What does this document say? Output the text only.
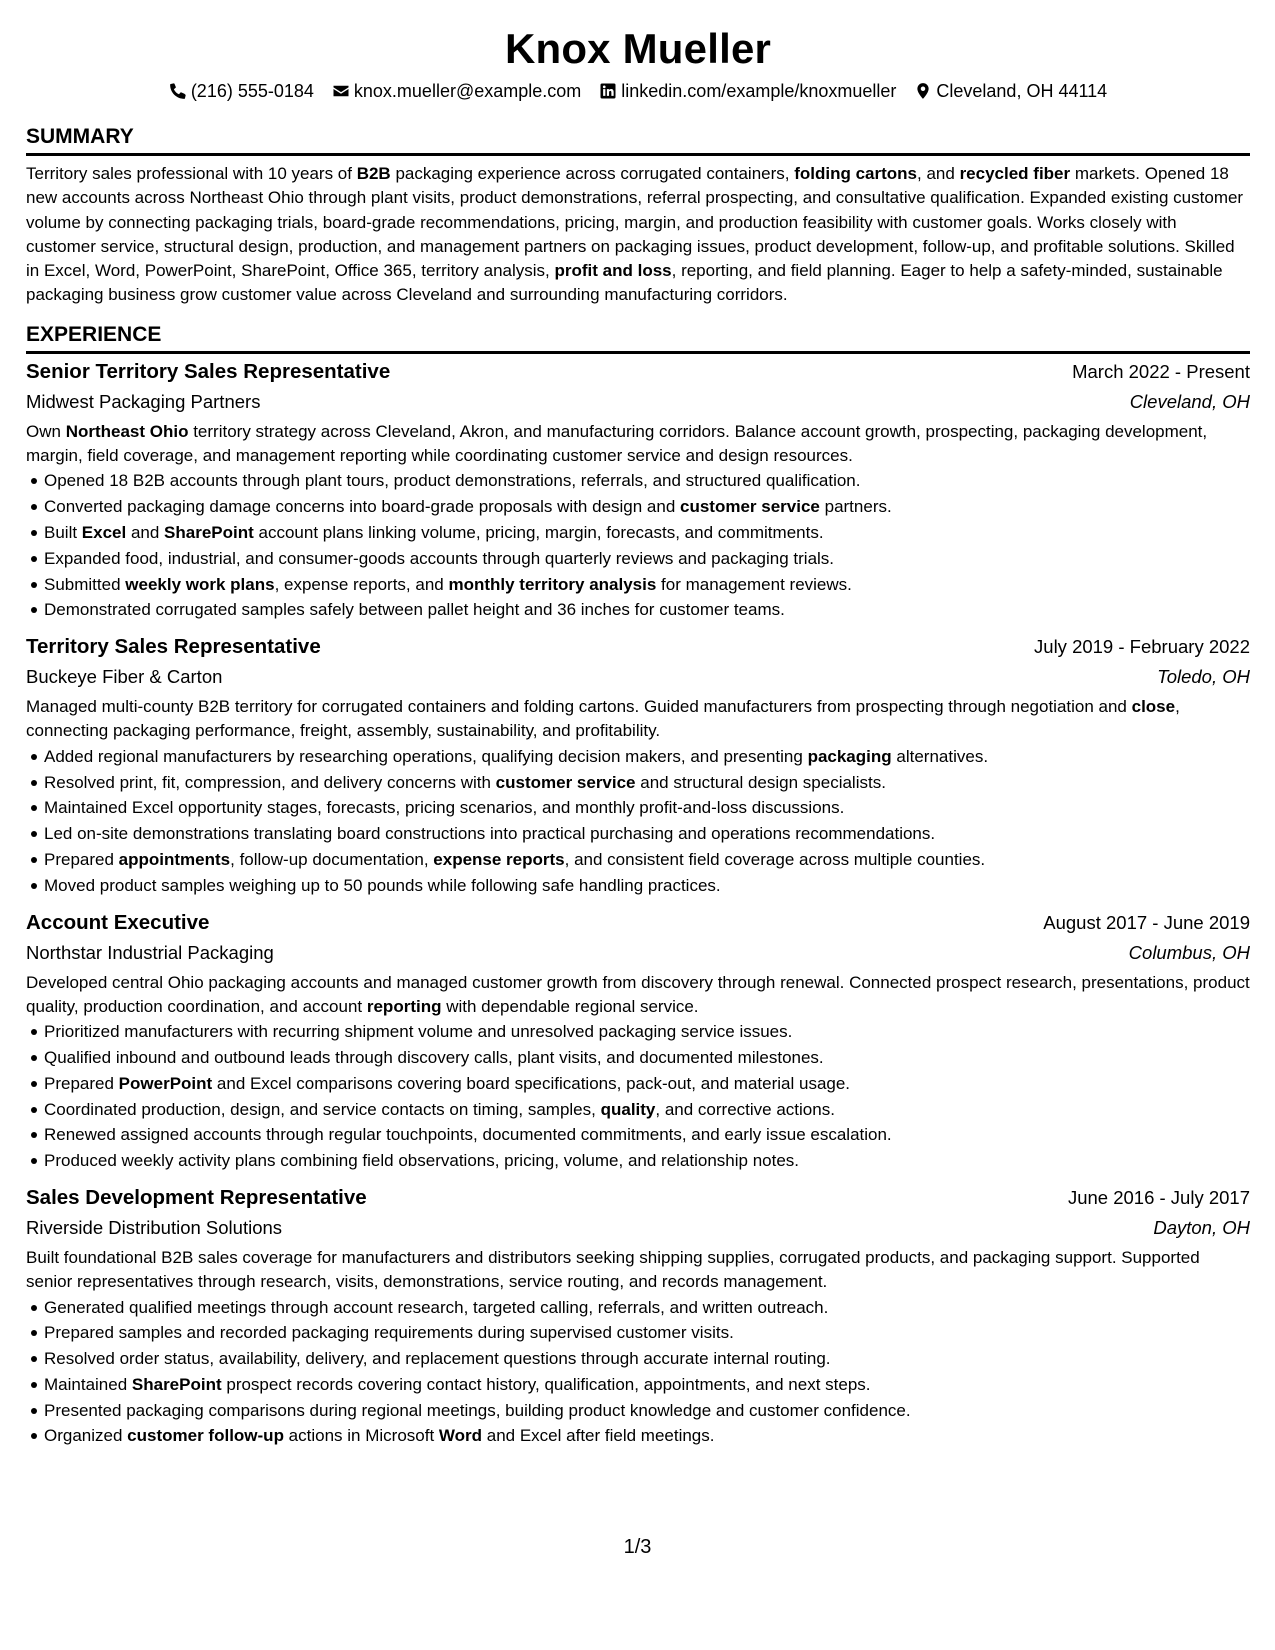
Knox Mueller
(216) 555-0184 knox.mueller@example.com linkedin.com/example/knoxmueller Cleveland, OH 44114
SUMMARY
Territory sales professional with 10 years of B2B packaging experience across corrugated containers, folding cartons, and recycled fiber markets. Opened 18 new accounts across Northeast Ohio through plant visits, product demonstrations, referral prospecting, and consultative qualification. Expanded existing customer volume by connecting packaging trials, board-grade recommendations, pricing, margin, and production feasibility with customer goals. Works closely with customer service, structural design, production, and management partners on packaging issues, product development, follow-up, and profitable solutions. Skilled in Excel, Word, PowerPoint, SharePoint, Office 365, territory analysis, profit and loss, reporting, and field planning. Eager to help a safety-minded, sustainable packaging business grow customer value across Cleveland and surrounding manufacturing corridors.
EXPERIENCE
Senior Territory Sales Representative	March 2022 - Present
Midwest Packaging Partners	Cleveland, OH
Own Northeast Ohio territory strategy across Cleveland, Akron, and manufacturing corridors. Balance account growth, prospecting, packaging development, margin, field coverage, and management reporting while coordinating customer service and design resources.
Opened 18 B2B accounts through plant tours, product demonstrations, referrals, and structured qualification.
Converted packaging damage concerns into board-grade proposals with design and customer service partners.
Built Excel and SharePoint account plans linking volume, pricing, margin, forecasts, and commitments.
Expanded food, industrial, and consumer-goods accounts through quarterly reviews and packaging trials.
Submitted weekly work plans, expense reports, and monthly territory analysis for management reviews.
Demonstrated corrugated samples safely between pallet height and 36 inches for customer teams.
Territory Sales Representative	July 2019 - February 2022
Buckeye Fiber & Carton	Toledo, OH
Managed multi-county B2B territory for corrugated containers and folding cartons. Guided manufacturers from prospecting through negotiation and close, connecting packaging performance, freight, assembly, sustainability, and profitability.
Added regional manufacturers by researching operations, qualifying decision makers, and presenting packaging alternatives.
Resolved print, fit, compression, and delivery concerns with customer service and structural design specialists.
Maintained Excel opportunity stages, forecasts, pricing scenarios, and monthly profit-and-loss discussions.
Led on-site demonstrations translating board constructions into practical purchasing and operations recommendations.
Prepared appointments, follow-up documentation, expense reports, and consistent field coverage across multiple counties.
Moved product samples weighing up to 50 pounds while following safe handling practices.
Account Executive	August 2017 - June 2019
Northstar Industrial Packaging	Columbus, OH
Developed central Ohio packaging accounts and managed customer growth from discovery through renewal. Connected prospect research, presentations, product quality, production coordination, and account reporting with dependable regional service.
Prioritized manufacturers with recurring shipment volume and unresolved packaging service issues.
Qualified inbound and outbound leads through discovery calls, plant visits, and documented milestones.
Prepared PowerPoint and Excel comparisons covering board specifications, pack-out, and material usage.
Coordinated production, design, and service contacts on timing, samples, quality, and corrective actions.
Renewed assigned accounts through regular touchpoints, documented commitments, and early issue escalation.
Produced weekly activity plans combining field observations, pricing, volume, and relationship notes.
Sales Development Representative	June 2016 - July 2017
Riverside Distribution Solutions	Dayton, OH
Built foundational B2B sales coverage for manufacturers and distributors seeking shipping supplies, corrugated products, and packaging support. Supported senior representatives through research, visits, demonstrations, service routing, and records management.
Generated qualified meetings through account research, targeted calling, referrals, and written outreach.
Prepared samples and recorded packaging requirements during supervised customer visits.
Resolved order status, availability, delivery, and replacement questions through accurate internal routing.
Maintained SharePoint prospect records covering contact history, qualification, appointments, and next steps.
Presented packaging comparisons during regional meetings, building product knowledge and customer confidence.
Organized customer follow-up actions in Microsoft Word and Excel after field meetings.
1/3
